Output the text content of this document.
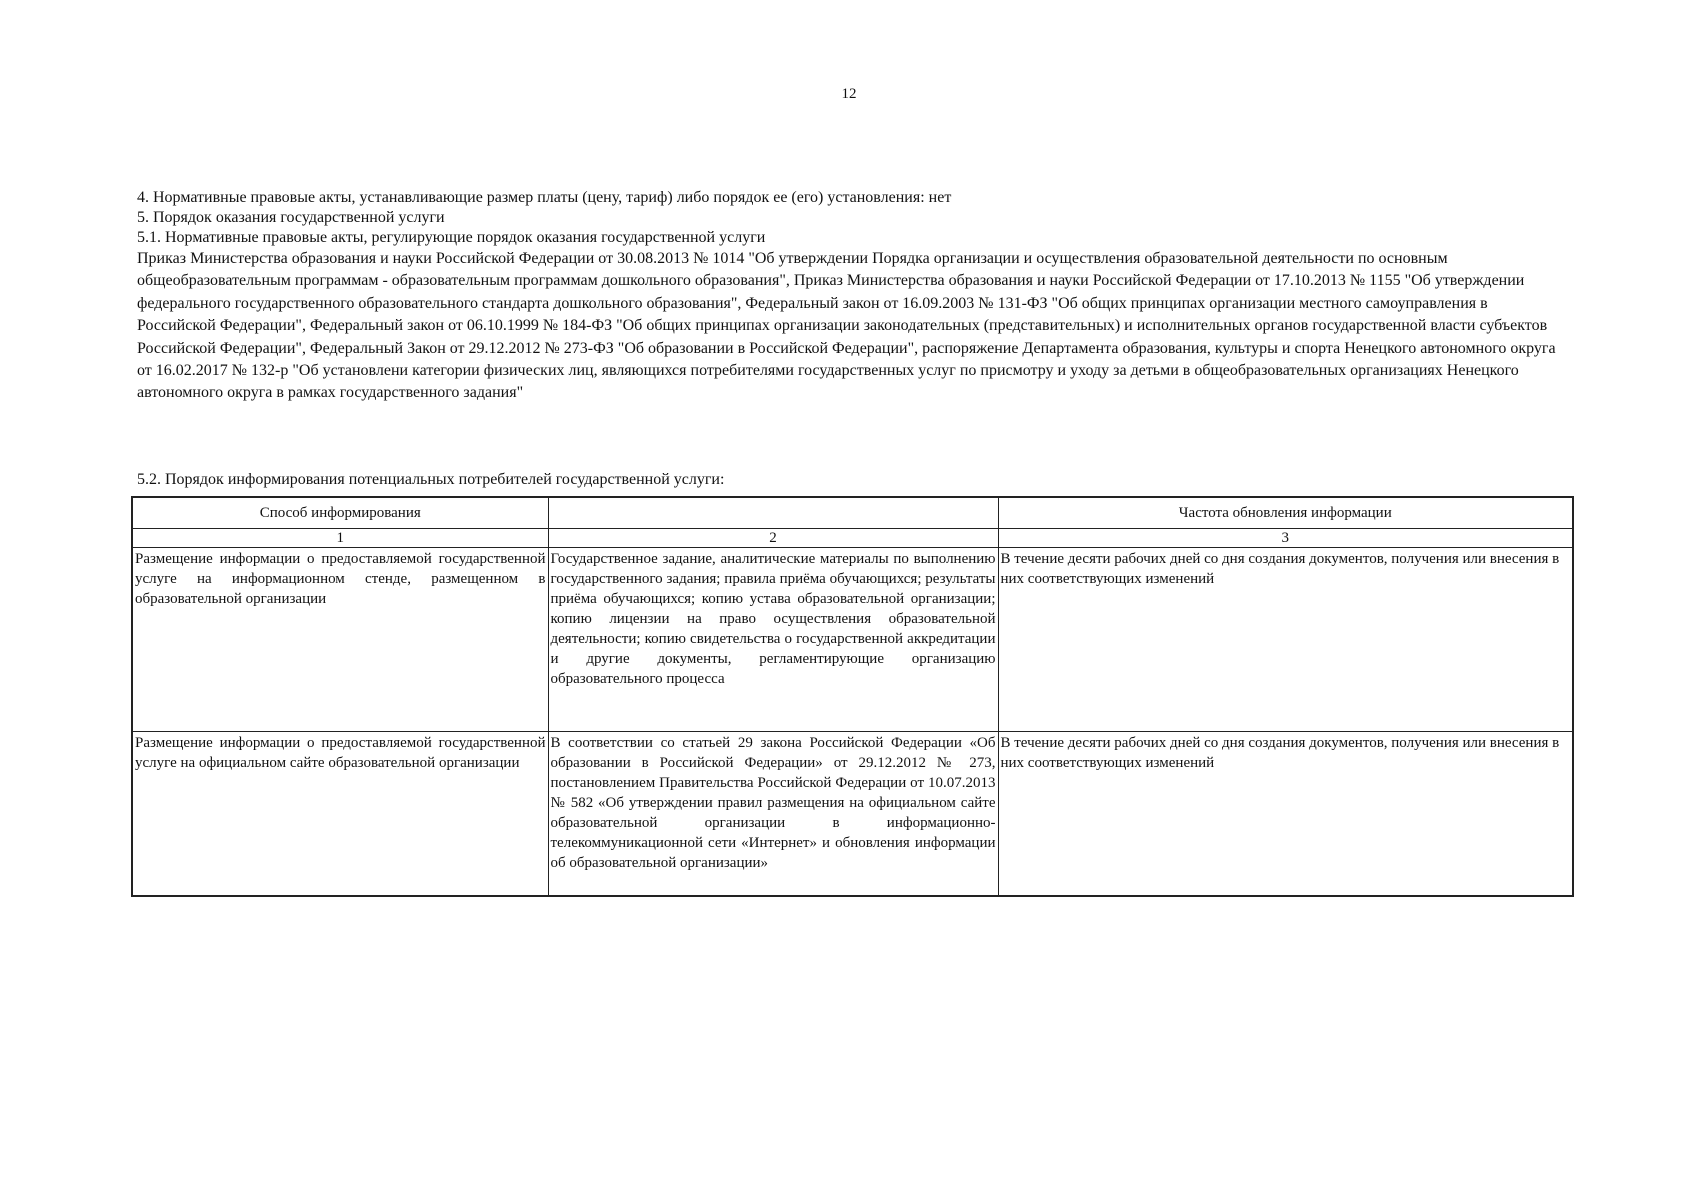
12

4. Нормативные правовые акты, устанавливающие размер платы (цену, тариф) либо порядок ее (его) установления: нет

5. Порядок оказания государственной услуги

5.1. Нормативные правовые акты, регулирующие порядок оказания государственной услуги

Приказ Министерства образования и науки Российской Федерации от 30.08.2013 № 1014 "Об утверждении Порядка организации и осуществления образовательной деятельности по основным общеобразовательным программам - образовательным программам дошкольного образования", Приказ Министерства образования и науки Российской Федерации от 17.10.2013 № 1155 "Об утверждении федерального государственного образовательного стандарта дошкольного образования", Федеральный закон от 16.09.2003 № 131-ФЗ "Об общих принципах организации местного самоуправления в Российской Федерации", Федеральный закон от 06.10.1999 № 184-ФЗ "Об общих принципах организации законодательных (представительных) и исполнительных органов государственной власти субъектов Российской Федерации", Федеральный Закон от 29.12.2012 № 273-ФЗ "Об образовании в Российской Федерации", распоряжение Департамента образования, культуры и спорта Ненецкого автономного округа от 16.02.2017 № 132-р "Об установлени категории физических лиц, являющихся потребителями государственных услуг по присмотру и уходу за детьми в общеобразовательных организациях Ненецкого автономного округа в рамках государственного задания"

5.2. Порядок информирования потенциальных потребителей государственной услуги:
Способ информирования		Частота обновления информации
1	2	3
Размещение информации о предоставляемой государственной услуге на информационном стенде, размещенном в образовательной организации	Государственное задание, аналитические материалы по выполнению государственного задания; правила приёма обучающихся; результаты приёма обучающихся; копию устава образовательной организации; копию лицензии на право осуществления образовательной деятельности; копию свидетельства о государственной аккредитации и другие документы, регламентирующие организацию образовательного процесса	В течение десяти рабочих дней со дня создания документов, получения или внесения в них соответствующих изменений
Размещение информации о предоставляемой государственной услуге на официальном сайте образовательной организации	В соответствии со статьей 29 закона Российской Федерации «Об образовании в Российской Федерации» от 29.12.2012 № 273, постановлением Правительства Российской Федерации от 10.07.2013 № 582 «Об утверждении правил размещения на официальном сайте образовательной организации в информационно-телекоммуникационной сети «Интернет» и обновления информации об образовательной организации»	В течение десяти рабочих дней со дня создания документов, получения или внесения в них соответствующих изменений
